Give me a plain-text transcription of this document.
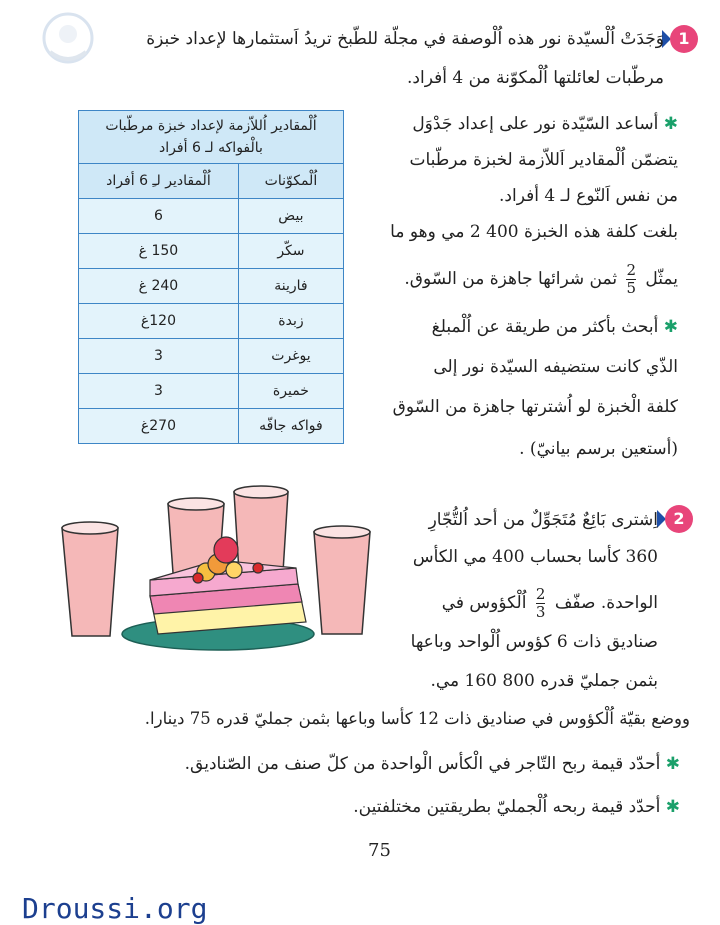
1
وَجَدَتْ اُلْسيّدة نور هذه اُلْوصفة في مجلّة للطّبخ تريدُ اَستثمارها لإعداد خبزة
مرطّبات لعائلتها اُلْمكوّنة من 4 أفراد.
✱ أساعد السّيّدة نور على إعداد جَدْوَل
يتضمّن اُلْمقادير اَللاّزمة لخبزة مرطّبات
من نفس اَلنّوع لـ 4 أفراد.
بلغت كلفة هذه الخبزة 400 2 مي وهو ما
يمثّل
$\frac{2}{5}$
ثمن شرائها جاهزة من السّوق.
✱ أبحث بأكثر من طريقة عن اُلْمبلغ
الذّي كانت ستضيفه السيّدة نور إلى
كلفة الْخبزة لو اُشترتها جاهزة من السّوق
(أستعين برسم بيانيّ) .
اُلْمقادير اُللاّزمة لإعداد خبزة مرطّبات بالْفواكه لـ 6 أفراد	
اُلْمكوّنات	اُلْمقادير لـِ 6 أفراد
بيض	6
سكّر	150 غ
فارينة	240 غ
زبدة	120غ
يوغرت	3
خميرة	3
فواكه جافّه	270غ
2
اِشترى بَائِعٌ مُتَجَوِّلٌ من أحد اُلتُّجّارِ
360 كأسا بحساب 400 مي الكأس
الواحدة. صفّف
$\frac{2}{3}$
اُلْكؤوس في
صناديق ذات 6 كؤوس اُلْواحد وباعها
بثمن جمليّ قدره 800 160 مي.
ووضع بقيّة اُلْكؤوس في صناديق ذات 12 كأسا وباعها بثمن جمليّ قدره 75 دينارا.
✱ أحدّد قيمة ربح التّاجر في الْكأس الْواحدة من كلّ صنف من الصّناديق.
✱ أحدّد قيمة ربحه اُلْجمليّ بطريقتين مختلفتين.
75
Droussi.org
